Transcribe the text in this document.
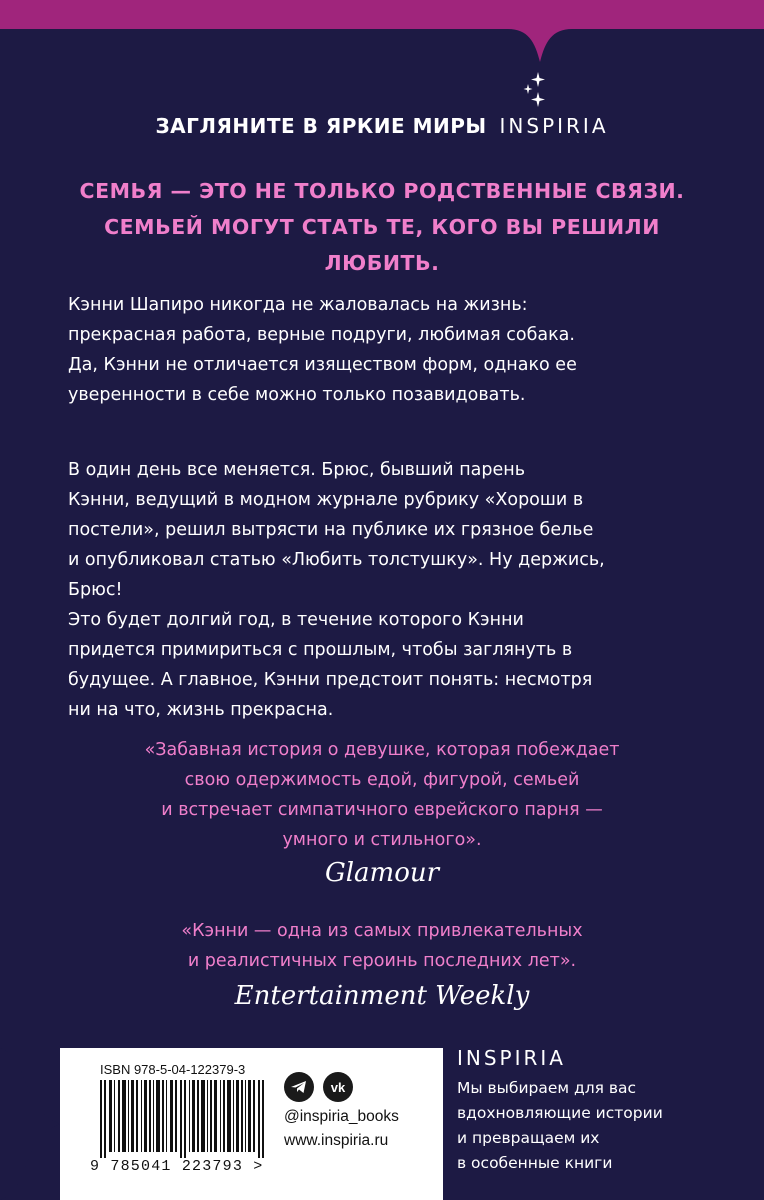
ЗАГЛЯНИТЕ В ЯРКИЕ МИРЫ INSPIRIA
СЕМЬЯ — ЭТО НЕ ТОЛЬКО РОДСТВЕННЫЕ СВЯЗИ.
СЕМЬЕЙ МОГУТ СТАТЬ ТЕ, КОГО ВЫ РЕШИЛИ
ЛЮБИТЬ.
Кэнни Шапиро никогда не жаловалась на жизнь:
прекрасная работа, верные подруги, любимая собака.
Да, Кэнни не отличается изяществом форм, однако ее
уверенности в себе можно только позавидовать.
В один день все меняется. Брюс, бывший парень
Кэнни, ведущий в модном журнале рубрику «Хороши в
постели», решил вытрясти на публике их грязное белье
и опубликовал статью «Любить толстушку». Ну держись,
Брюс!
Это будет долгий год, в течение которого Кэнни
придется примириться с прошлым, чтобы заглянуть в
будущее. А главное, Кэнни предстоит понять: несмотря
ни на что, жизнь прекрасна.
«Забавная история о девушке, которая побеждает
свою одержимость едой, фигурой, семьей
и встречает симпатичного еврейского парня —
умного и стильного».
Glamour
«Кэнни — одна из самых привлекательных
и реалистичных героинь последних лет».
Entertainment Weekly
ISBN 978-5-04-122379-3
9 785041 223793 >

vk
@inspiria_books
www.inspiria.ru
INSPIRIA
Мы выбираем для вас
вдохновляющие истории
и превращаем их
в особенные книги
